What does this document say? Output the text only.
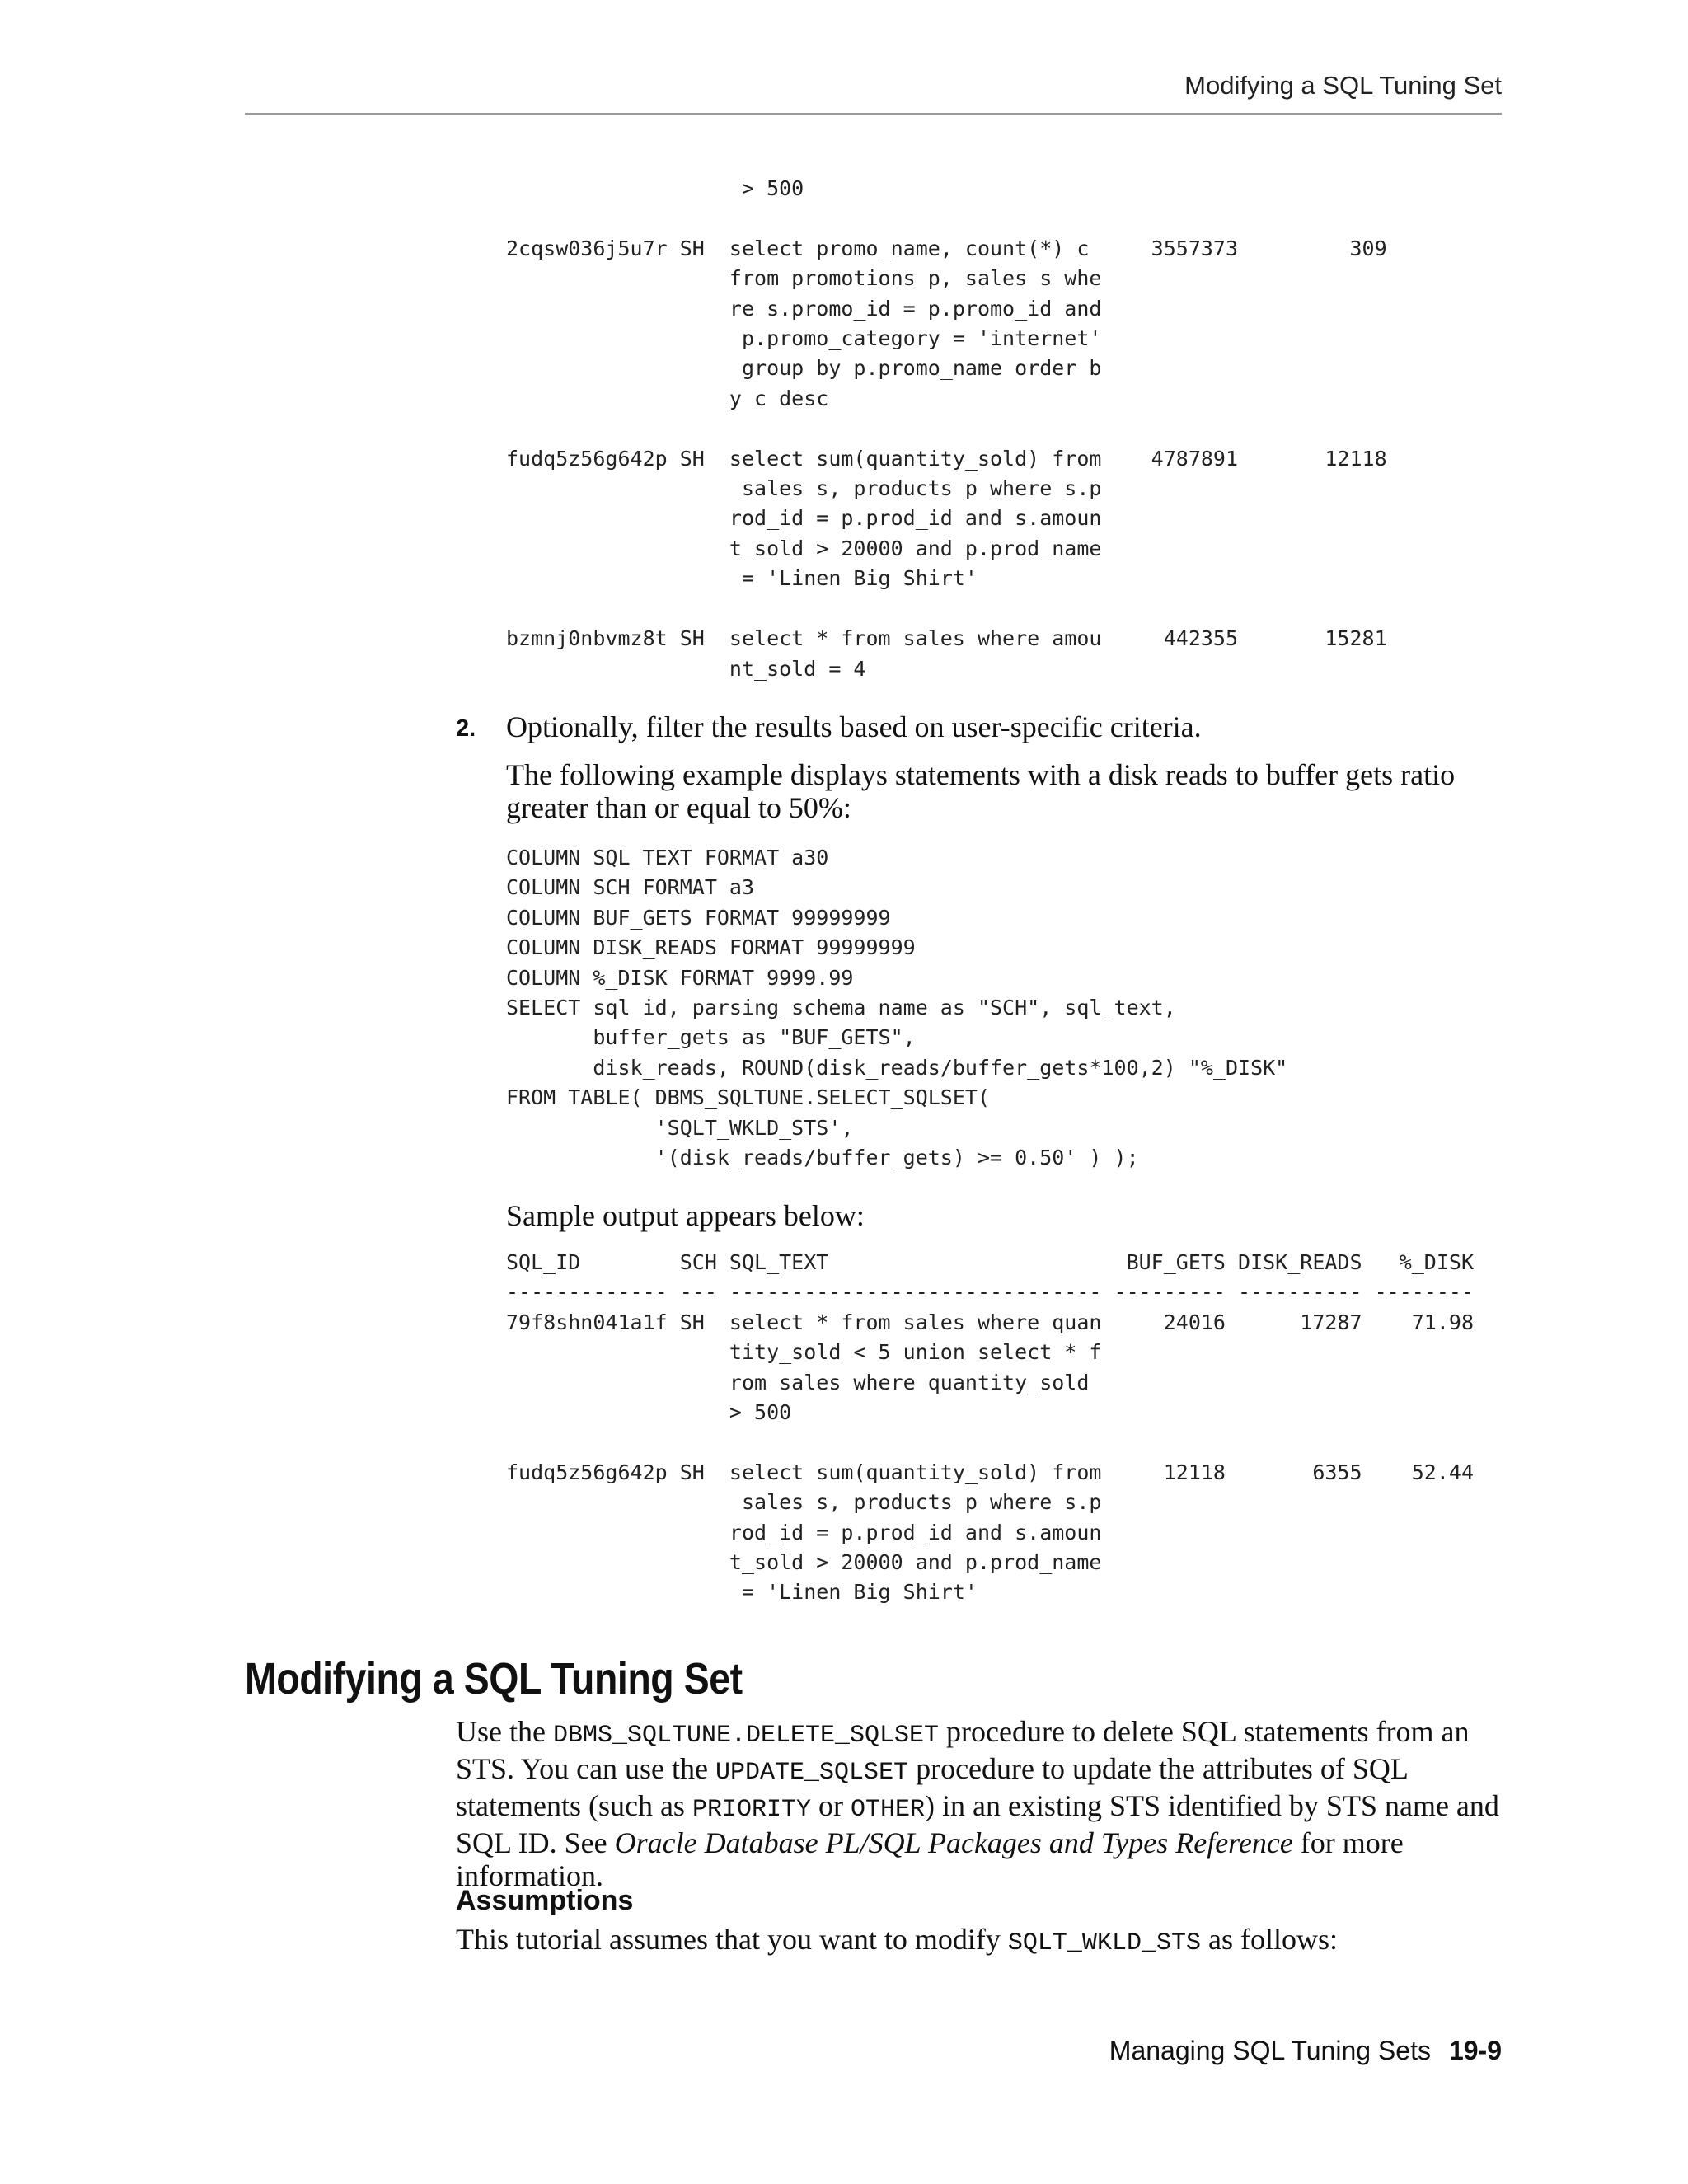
Modifying a SQL Tuning Set
> 500

2cqsw036j5u7r SH  select promo_name, count(*) c     3557373         309
from promotions p, sales s whe
re s.promo_id = p.promo_id and
p.promo_category = 'internet'
group by p.promo_name order b
y c desc

fudq5z56g642p SH  select sum(quantity_sold) from    4787891       12118
sales s, products p where s.p
rod_id = p.prod_id and s.amoun
t_sold > 20000 and p.prod_name
= 'Linen Big Shirt'

bzmnj0nbvmz8t SH  select * from sales where amou     442355       15281
nt_sold = 4
2. Optionally, filter the results based on user-specific criteria.

The following example displays statements with a disk reads to buffer gets ratio greater than or equal to 50%:

COLUMN SQL_TEXT FORMAT a30
COLUMN SCH FORMAT a3
COLUMN BUF_GETS FORMAT 99999999
COLUMN DISK_READS FORMAT 99999999
COLUMN %_DISK FORMAT 9999.99
SELECT sql_id, parsing_schema_name as "SCH", sql_text,
buffer_gets as "BUF_GETS",
disk_reads, ROUND(disk_reads/buffer_gets*100,2) "%_DISK"
FROM TABLE( DBMS_SQLTUNE.SELECT_SQLSET(
'SQLT_WKLD_STS',
'(disk_reads/buffer_gets) >= 0.50' ) );

Sample output appears below:

SQL_ID        SCH SQL_TEXT                        BUF_GETS DISK_READS   %_DISK
------------- --- ------------------------------ --------- ---------- --------
79f8shn041a1f SH  select * from sales where quan     24016      17287    71.98
tity_sold < 5 union select * f
rom sales where quantity_sold
> 500

fudq5z56g642p SH  select sum(quantity_sold) from     12118       6355    52.44
sales s, products p where s.p
rod_id = p.prod_id and s.amoun
t_sold > 20000 and p.prod_name
= 'Linen Big Shirt'
Modifying a SQL Tuning Set

Use the DBMS_SQLTUNE.DELETE_SQLSET procedure to delete SQL statements from an STS. You can use the UPDATE_SQLSET procedure to update the attributes of SQL statements (such as PRIORITY or OTHER) in an existing STS identified by STS name and SQL ID. See Oracle Database PL/SQL Packages and Types Reference for more information.

Assumptions

This tutorial assumes that you want to modify SQLT_WKLD_STS as follows:

Managing SQL Tuning Sets 19-9
